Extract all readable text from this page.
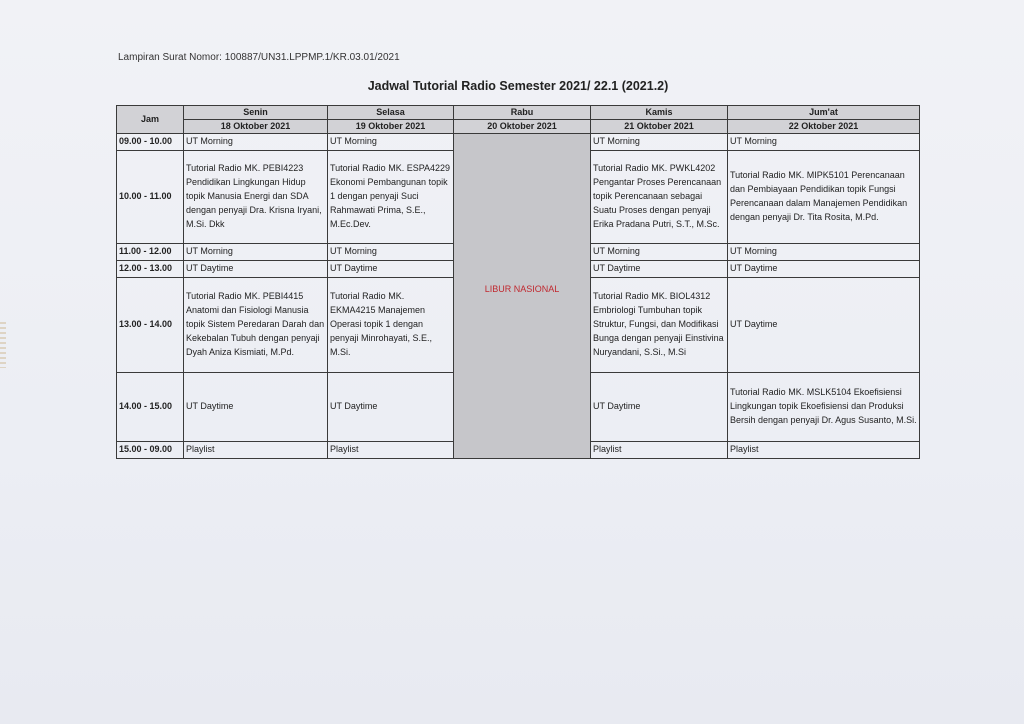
Lampiran Surat Nomor: 100887/UN31.LPPMP.1/KR.03.01/2021
Jadwal Tutorial Radio Semester 2021/ 22.1 (2021.2)
Jam	Senin	Selasa	Rabu	Kamis	Jum'at
	18 Oktober 2021	19 Oktober 2021	20 Oktober 2021	21 Oktober 2021	22 Oktober 2021
09.00 - 10.00	UT Morning	UT Morning	LIBUR NASIONAL	UT Morning	UT Morning
10.00 - 11.00	Tutorial Radio MK. PEBI4223 Pendidikan Lingkungan Hidup topik Manusia Energi dan SDA dengan penyaji Dra. Krisna Iryani, M.Si. Dkk	Tutorial Radio MK. ESPA4229 Ekonomi Pembangunan topik 1 dengan penyaji Suci Rahmawati Prima, S.E., M.Ec.Dev.		Tutorial Radio MK. PWKL4202 Pengantar Proses Perencanaan topik Perencanaan sebagai Suatu Proses dengan penyaji Erika Pradana Putri, S.T., M.Sc.	Tutorial Radio MK. MIPK5101 Perencanaan dan Pembiayaan Pendidikan topik Fungsi Perencanaan dalam Manajemen Pendidikan dengan penyaji Dr. Tita Rosita, M.Pd.
11.00 - 12.00	UT Morning	UT Morning		UT Morning	UT Morning
12.00 - 13.00	UT Daytime	UT Daytime		UT Daytime	UT Daytime
13.00 - 14.00	Tutorial Radio MK. PEBI4415 Anatomi dan Fisiologi Manusia topik Sistem Peredaran Darah dan Kekebalan Tubuh dengan penyaji Dyah Aniza Kismiati, M.Pd.	Tutorial Radio MK. EKMA4215 Manajemen Operasi topik 1 dengan penyaji Minrohayati, S.E., M.Si.		Tutorial Radio MK. BIOL4312 Embriologi Tumbuhan topik Struktur, Fungsi, dan Modifikasi Bunga dengan penyaji Einstivina Nuryandani, S.Si., M.Si	UT Daytime
14.00 - 15.00	UT Daytime	UT Daytime		UT Daytime	Tutorial Radio MK. MSLK5104 Ekoefisiensi Lingkungan topik Ekoefisiensi dan Produksi Bersih dengan penyaji Dr. Agus Susanto, M.Si.
15.00 - 09.00	Playlist	Playlist		Playlist	Playlist
